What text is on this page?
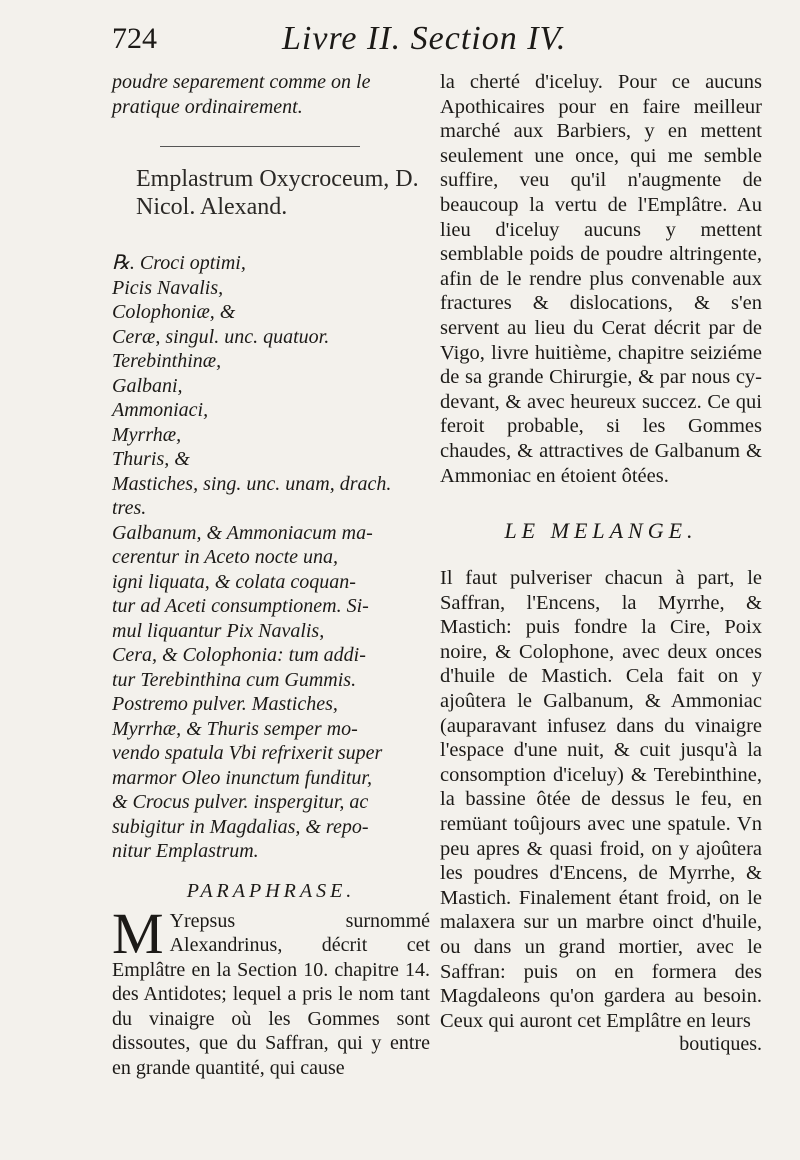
724	Livre II. Section IV.

poudre separement comme on le pratique ordinairement.

Emplastrum Oxycroceum, D.
Nicol. Alexand.
℞. Croci optimi,
Picis Navalis,
Colophoniæ, &
Ceræ, singul. unc. quatuor.
Terebinthinæ,
Galbani,
Ammoniaci,
Myrrhæ,
Thuris, &
Mastiches, sing. unc. unam, drach.
tres.
Galbanum, & Ammoniacum ma-
cerentur in Aceto nocte una,
igni liquata, & colata coquan-
tur ad Aceti consumptionem. Si-
mul liquantur Pix Navalis,
Cera, & Colophonia: tum addi-
tur Terebinthina cum Gummis.
Postremo pulver. Mastiches,
Myrrhæ, & Thuris semper mo-
vendo spatula Vbi refrixerit super
marmor Oleo inunctum funditur,
& Crocus pulver. inspergitur, ac
subigitur in Magdalias, & repo-
nitur Emplastrum.

PARAPHRASE.

M Yrepsus surnommé Alexandrinus, décrit cet Emplâtre en la Section 10. chapitre 14. des Antidotes; lequel a pris le nom tant du vinaigre où les Gommes sont dissoutes, que du Saffran, qui y entre en grande quantité, qui cause

la cherté d'iceluy. Pour ce aucuns Apothicaires pour en faire meilleur marché aux Barbiers, y en mettent seulement une once, qui me semble suffire, veu qu'il n'augmente de beaucoup la vertu de l'Emplâtre. Au lieu d'iceluy aucuns y mettent semblable poids de poudre altringente, afin de le rendre plus convenable aux fractures & dislocations, & s'en servent au lieu du Cerat décrit par de Vigo, livre huitième, chapitre seiziéme de sa grande Chirurgie, & par nous cy-devant, & avec heureux succez. Ce qui feroit probable, si les Gommes chaudes, & attractives de Galbanum & Ammoniac en étoient ôtées.

LE MELANGE.

Il faut pulveriser chacun à part, le Saffran, l'Encens, la Myrrhe, & Mastich: puis fondre la Cire, Poix noire, & Colophone, avec deux onces d'huile de Mastich. Cela fait on y ajoûtera le Galbanum, & Ammoniac (auparavant infusez dans du vinaigre l'espace d'une nuit, & cuit jusqu'à la consomption d'iceluy) & Terebinthine, la bassine ôtée de dessus le feu, en remüant toûjours avec une spatule. Vn peu apres & quasi froid, on y ajoûtera les poudres d'Encens, de Myrrhe, & Mastich. Finalement étant froid, on le malaxera sur un marbre oinct d'huile, ou dans un grand mortier, avec le Saffran: puis on en formera des Magdaleons qu'on gardera au besoin. Ceux qui auront cet Emplâtre en leurs

boutiques.
